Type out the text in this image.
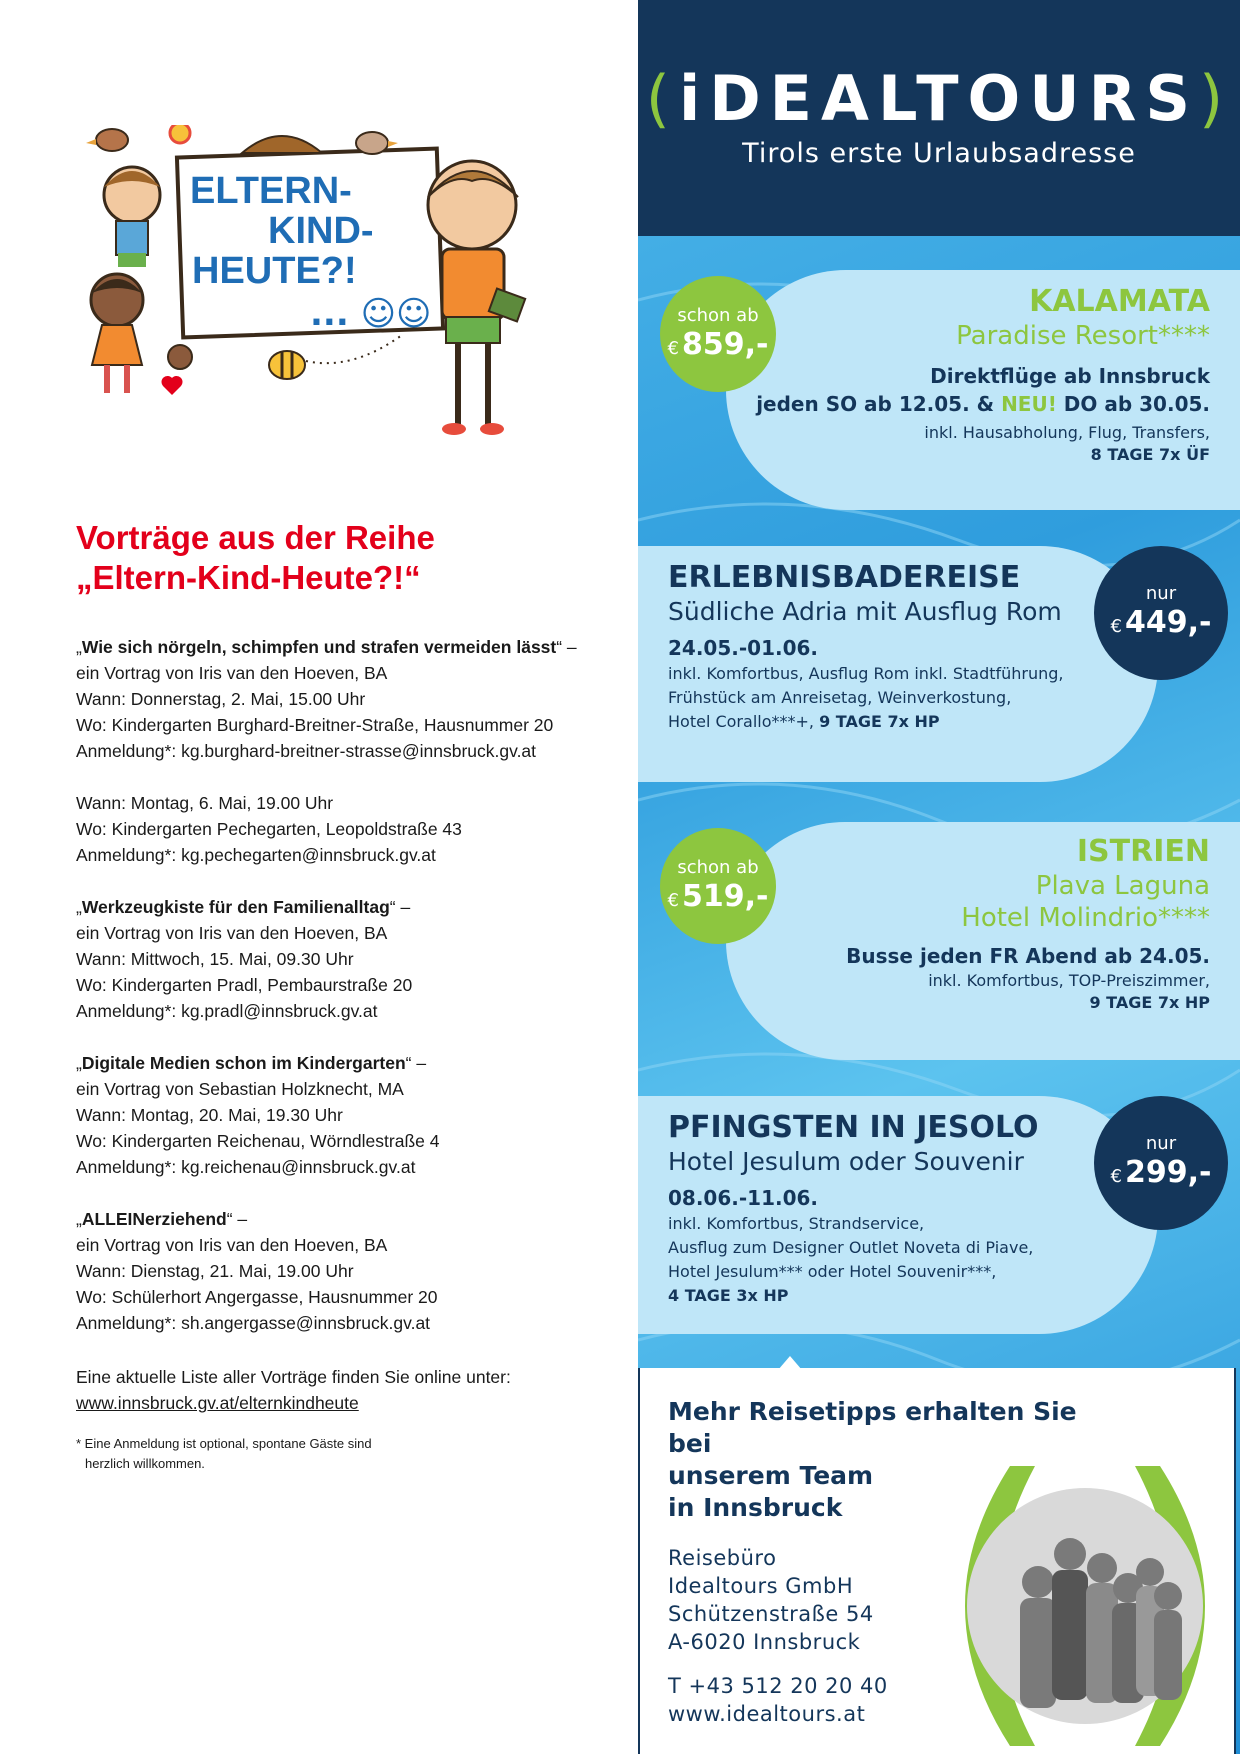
ELTERN-
KIND-
HEUTE?!
... ☺☺
Vorträge aus der Reihe
„Eltern-Kind-Heute?!“
„Wie sich nörgeln, schimpfen und strafen vermeiden lässt“ –
ein Vortrag von Iris van den Hoeven, BA
Wann: Donnerstag, 2. Mai, 15.00 Uhr
Wo: Kindergarten Burghard-Breitner-Straße, Hausnummer 20
Anmeldung*: kg.burghard-breitner-strasse@innsbruck.gv.at
Wann: Montag, 6. Mai, 19.00 Uhr
Wo: Kindergarten Pechegarten, Leopoldstraße 43
Anmeldung*: kg.pechegarten@innsbruck.gv.at
„Werkzeugkiste für den Familienalltag“ –
ein Vortrag von Iris van den Hoeven, BA
Wann: Mittwoch, 15. Mai, 09.30 Uhr
Wo: Kindergarten Pradl, Pembaurstraße 20
Anmeldung*: kg.pradl@innsbruck.gv.at
„Digitale Medien schon im Kindergarten“ –
ein Vortrag von Sebastian Holzknecht, MA
Wann: Montag, 20. Mai, 19.30 Uhr
Wo: Kindergarten Reichenau, Wörndlestraße 4
Anmeldung*: kg.reichenau@innsbruck.gv.at
„ALLEINerziehend“ –
ein Vortrag von Iris van den Hoeven, BA
Wann: Dienstag, 21. Mai, 19.00 Uhr
Wo: Schülerhort Angergasse, Hausnummer 20
Anmeldung*: sh.angergasse@innsbruck.gv.at
Eine aktuelle Liste aller Vorträge finden Sie online unter:
www.innsbruck.gv.at/elternkindheute
* Eine Anmeldung ist optional, spontane Gäste sind
herzlich willkommen.
(iDEALTOURS)
Tirols erste Urlaubsadresse
schon ab
€ 859,-
KALAMATA
Paradise Resort****
Direktflüge ab Innsbruck
jeden SO ab 12.05. & NEU! DO ab 30.05.
inkl. Hausabholung, Flug, Transfers,
8 TAGE 7x ÜF
nur
€ 449,-
ERLEBNISBADEREISE
Südliche Adria mit Ausflug Rom
24.05.-01.06.
inkl. Komfortbus, Ausflug Rom inkl. Stadtführung,
Frühstück am Anreisetag, Weinverkostung,
Hotel Corallo***+, 9 TAGE 7x HP
schon ab
€ 519,-
ISTRIEN
Plava Laguna
Hotel Molindrio****
Busse jeden FR Abend ab 24.05.
inkl. Komfortbus, TOP-Preiszimmer,
9 TAGE 7x HP
nur
€ 299,-
PFINGSTEN IN JESOLO
Hotel Jesulum oder Souvenir
08.06.-11.06.
inkl. Komfortbus, Strandservice,
Ausflug zum Designer Outlet Noveta di Piave,
Hotel Jesulum*** oder Hotel Souvenir***,
4 TAGE 3x HP
Mehr Reisetipps erhalten Sie bei
unserem Team
in Innsbruck
Reisebüro
Idealtours GmbH
Schützenstraße 54
A-6020 Innsbruck
T +43 512 20 20 40
www.idealtours.at
